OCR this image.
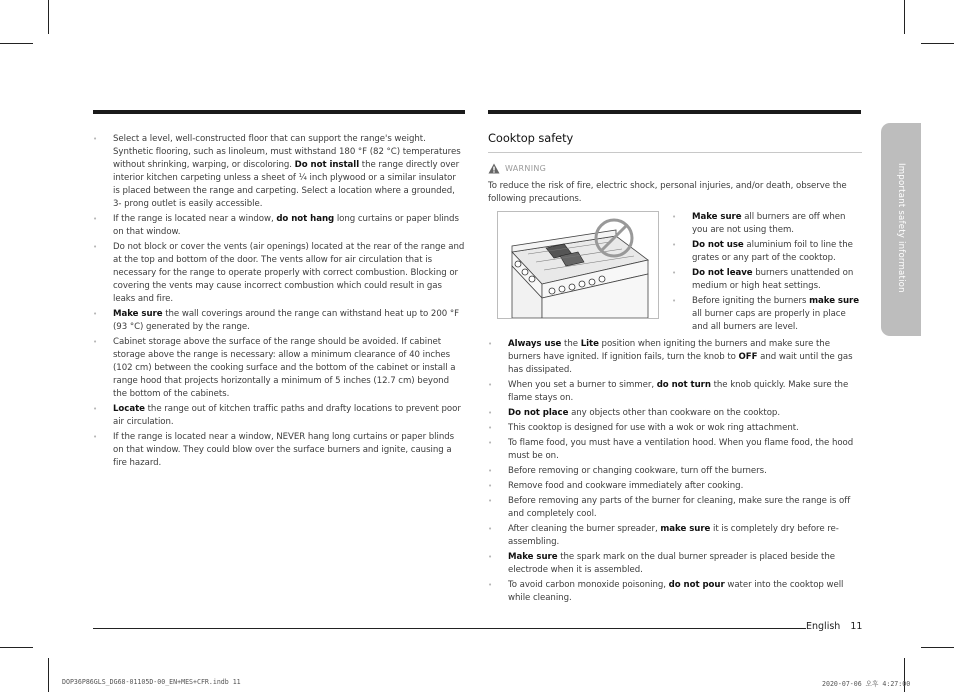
• Select a level, well-constructed floor that can support the range's weight. Synthetic flooring, such as linoleum, must withstand 180 °F (82 °C) temperatures without shrinking, warping, or discoloring. Do not install the range directly over interior kitchen carpeting unless a sheet of ¼ inch plywood or a similar insulator is placed between the range and carpeting. Select a location where a grounded, 3- prong outlet is easily accessible.
• If the range is located near a window, do not hang long curtains or paper blinds on that window.
• Do not block or cover the vents (air openings) located at the rear of the range and at the top and bottom of the door. The vents allow for air circulation that is necessary for the range to operate properly with correct combustion. Blocking or covering the vents may cause incorrect combustion which could result in gas leaks and fire.
• Make sure the wall coverings around the range can withstand heat up to 200 °F (93 °C) generated by the range.
• Cabinet storage above the surface of the range should be avoided. If cabinet storage above the range is necessary: allow a minimum clearance of 40 inches (102 cm) between the cooking surface and the bottom of the cabinet or install a range hood that projects horizontally a minimum of 5 inches (12.7 cm) beyond the bottom of the cabinets.
• Locate the range out of kitchen traffic paths and drafty locations to prevent poor air circulation.
• If the range is located near a window, NEVER hang long curtains or paper blinds on that window. They could blow over the surface burners and ignite, causing a fire hazard.
Cooktop safety
WARNING
To reduce the risk of fire, electric shock, personal injuries, and/or death, observe the following precautions.
• Make sure all burners are off when you are not using them.
• Do not use aluminium foil to line the grates or any part of the cooktop.
• Do not leave burners unattended on medium or high heat settings.
• Before igniting the burners make sure all burner caps are properly in place and all burners are level.
• Always use the Lite position when igniting the burners and make sure the burners have ignited. If ignition fails, turn the knob to OFF and wait until the gas has dissipated.
• When you set a burner to simmer, do not turn the knob quickly. Make sure the flame stays on.
• Do not place any objects other than cookware on the cooktop.
• This cooktop is designed for use with a wok or wok ring attachment.
• To flame food, you must have a ventilation hood. When you flame food, the hood must be on.
• Before removing or changing cookware, turn off the burners.
• Remove food and cookware immediately after cooking.
• Before removing any parts of the burner for cleaning, make sure the range is off and completely cool.
• After cleaning the burner spreader, make sure it is completely dry before re-assembling.
• Make sure the spark mark on the dual burner spreader is placed beside the electrode when it is assembled.
• To avoid carbon monoxide poisoning, do not pour water into the cooktop well while cleaning.
Important safety information
English 11
DOP36P86GLS_DG68-01105D-00_EN+MES+CFR.indb 11	2020-07-06 오후 4:27:00
